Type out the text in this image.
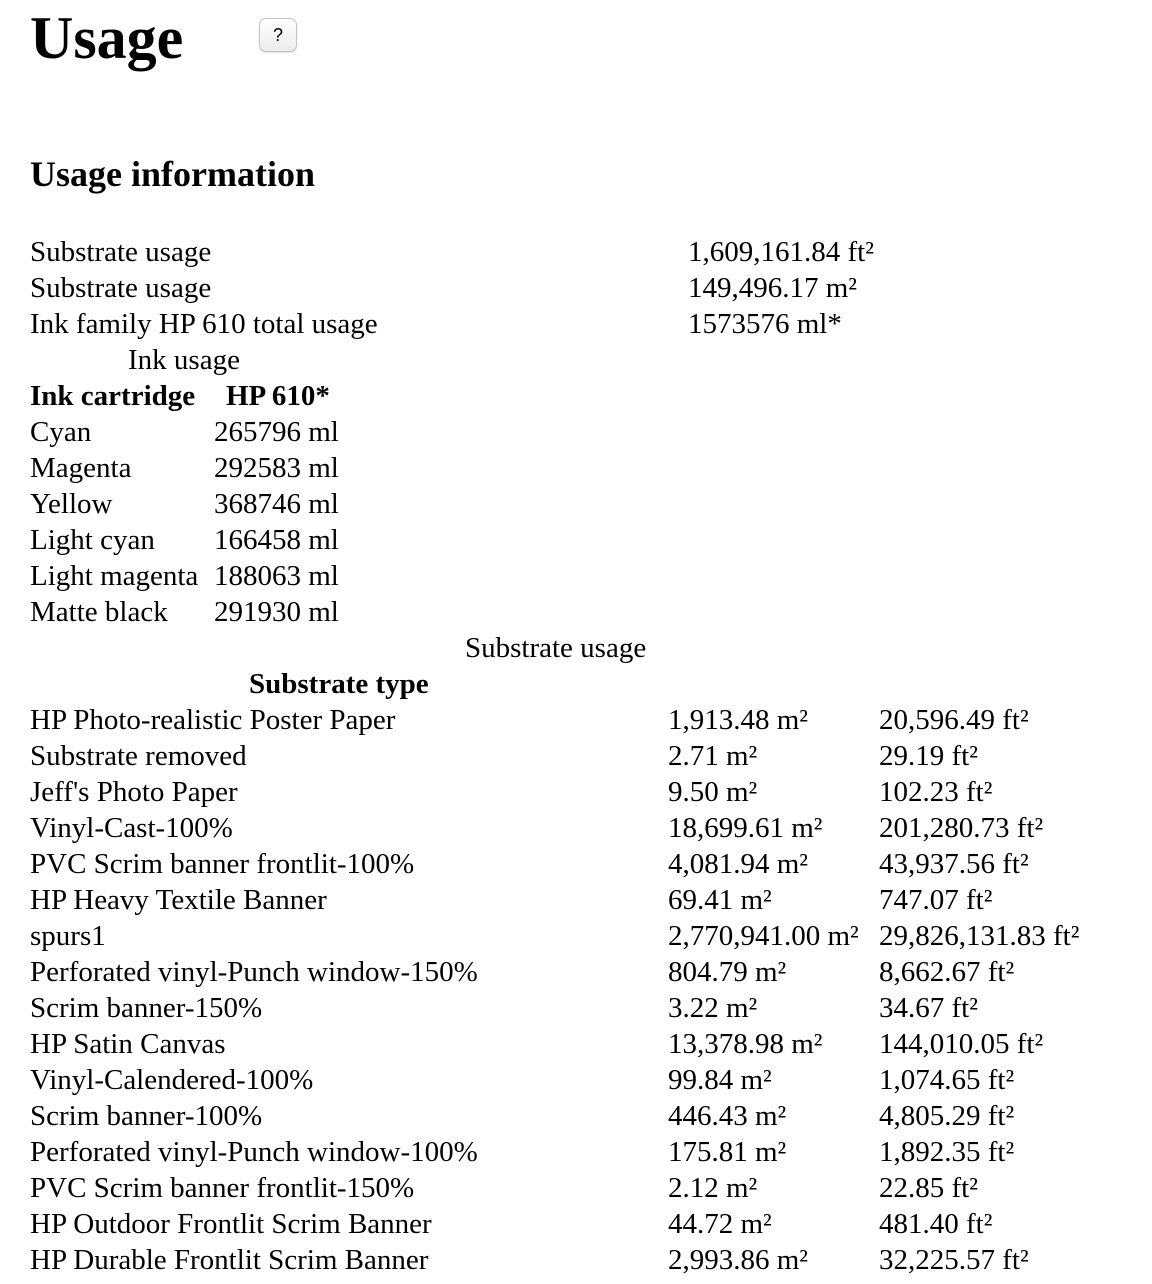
Usage	?
Usage information
Substrate usage	1,609,161.84 ft²
Substrate usage	149,496.17 m²
Ink family HP 610 total usage	1573576 ml*
Ink usage
Ink cartridge HP 610*
Cyan	265796 ml
Magenta	292583 ml
Yellow	368746 ml
Light cyan 166458 ml
Light magenta 188063 ml
Matte black 291930 ml
Substrate usage
Substrate type
HP Photo-realistic Poster Paper	1,913.48 m² 20,596.49 ft²
Substrate removed	2.71 m²	29.19 ft²
Jeff's Photo Paper	9.50 m²	102.23 ft²
Vinyl-Cast-100%	18,699.61 m² 201,280.73 ft²
PVC Scrim banner frontlit-100%	4,081.94 m² 43,937.56 ft²
HP Heavy Textile Banner	69.41 m²	747.07 ft²
spurs1	2,770,941.00 m² 29,826,131.83 ft²
Perforated vinyl-Punch window-150%	804.79 m²	8,662.67 ft²
Scrim banner-150%	3.22 m²	34.67 ft²
HP Satin Canvas	13,378.98 m² 144,010.05 ft²
Vinyl-Calendered-100%	99.84 m²	1,074.65 ft²
Scrim banner-100%	446.43 m²	4,805.29 ft²
Perforated vinyl-Punch window-100%	175.81 m²	1,892.35 ft²
PVC Scrim banner frontlit-150%	2.12 m²	22.85 ft²
HP Outdoor Frontlit Scrim Banner	44.72 m²	481.40 ft²
HP Durable Frontlit Scrim Banner	2,993.86 m² 32,225.57 ft²
